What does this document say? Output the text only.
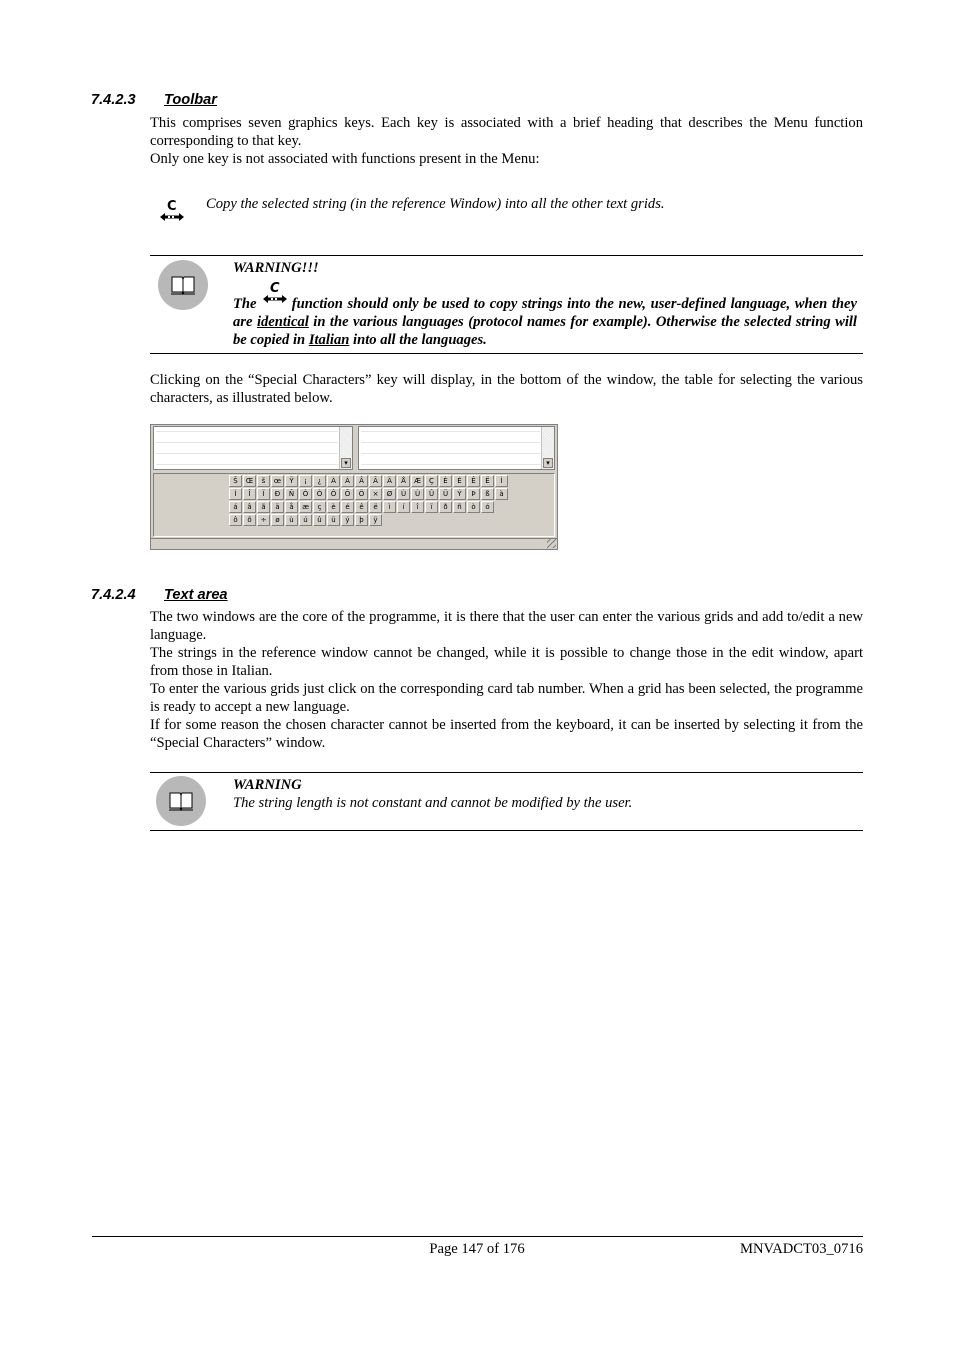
7.4.2.3 Toolbar

This comprises seven graphics keys. Each key is associated with a brief heading that describes the Menu function corresponding to that key.

Only one key is not associated with functions present in the Menu:

C Copy the selected string (in the reference Window) into all the other text grids.

WARNING!!!

The
C
function should only be used to copy strings into the new, user-defined language, when they are identical in the various languages (protocol names for example). Otherwise the selected string will be copied in Italian into all the languages.

Clicking on the “Special Characters” key will display, in the bottom of the window, the table for selecting the various characters, as illustrated below.
▾	▾
Š	Œ	š	œ	Ÿ	¡	¿	À	Á	Â	Ã	Ä	Å	Æ	Ç	È	É	Ê	Ë	Ì
Í	Î	Ï	Ð	Ñ	Ò	Ó	Ô	Õ	Ö	×	Ø	Ù	Ú	Û	Ü	Ý	Þ	ß	à
á	â	ã	ä	å	æ	ç	è	é	ê	ë	ì	í	î	ï	ð	ñ	ò	ó
ô	õ	÷	ø	ù	ú	û	ü	ý	þ	ÿ
7.4.2.4 Text area

The two windows are the core of the programme, it is there that the user can enter the various grids and add to/edit a new language.

The strings in the reference window cannot be changed, while it is possible to change those in the edit window, apart from those in Italian.

To enter the various grids just click on the corresponding card tab number. When a grid has been selected, the programme is ready to accept a new language.

If for some reason the chosen character cannot be inserted from the keyboard, it can be inserted by selecting it from the “Special Characters” window.

WARNING

The string length is not constant and cannot be modified by the user.

Page 147 of 176	MNVADCT03_0716
